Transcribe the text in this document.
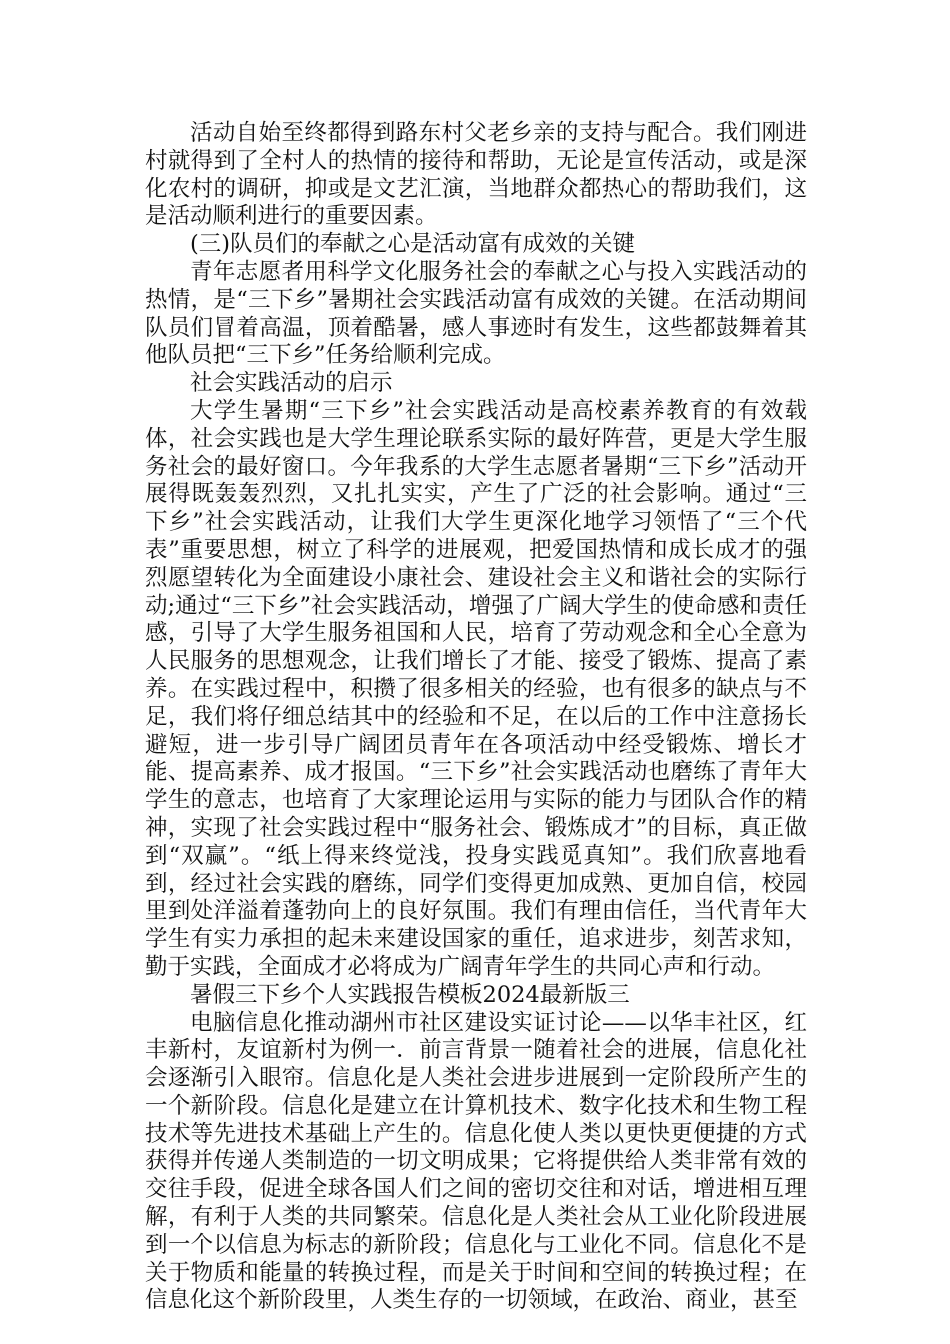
活动自始至终都得到路东村父老乡亲的支持与配合。我们刚进村就得到了全村人的热情的接待和帮助，无论是宣传活动，或是深化农村的调研，抑或是文艺汇演，当地群众都热心的帮助我们，这是活动顺利进行的重要因素。

(三)队员们的奉献之心是活动富有成效的关键

青年志愿者用科学文化服务社会的奉献之心与投入实践活动的热情，是“三下乡”暑期社会实践活动富有成效的关键。在活动期间队员们冒着高温，顶着酷暑，感人事迹时有发生，这些都鼓舞着其他队员把“三下乡”任务给顺利完成。

社会实践活动的启示

大学生暑期“三下乡”社会实践活动是高校素养教育的有效载体，社会实践也是大学生理论联系实际的最好阵营，更是大学生服务社会的最好窗口。今年我系的大学生志愿者暑期“三下乡”活动开展得既轰轰烈烈，又扎扎实实，产生了广泛的社会影响。通过“三下乡”社会实践活动，让我们大学生更深化地学习领悟了“三个代表”重要思想，树立了科学的进展观，把爱国热情和成长成才的强烈愿望转化为全面建设小康社会、建设社会主义和谐社会的实际行动;通过“三下乡”社会实践活动，增强了广阔大学生的使命感和责任感，引导了大学生服务祖国和人民，培育了劳动观念和全心全意为人民服务的思想观念，让我们增长了才能、接受了锻炼、提高了素养。在实践过程中，积攒了很多相关的经验，也有很多的缺点与不足，我们将仔细总结其中的经验和不足，在以后的工作中注意扬长避短，进一步引导广阔团员青年在各项活动中经受锻炼、增长才能、提高素养、成才报国。“三下乡”社会实践活动也磨练了青年大学生的意志，也培育了大家理论运用与实际的能力与团队合作的精神，实现了社会实践过程中“服务社会、锻炼成才”的目标，真正做到“双赢”。“纸上得来终觉浅，投身实践觅真知”。我们欣喜地看到，经过社会实践的磨练，同学们变得更加成熟、更加自信，校园里到处洋溢着蓬勃向上的良好氛围。我们有理由信任，当代青年大学生有实力承担的起未来建设国家的重任，追求进步，刻苦求知，勤于实践，全面成才必将成为广阔青年学生的共同心声和行动。

暑假三下乡个人实践报告模板2024最新版三

电脑信息化推动湖州市社区建设实证讨论——以华丰社区，红丰新村，友谊新村为例一．前言背景一随着社会的进展，信息化社会逐渐引入眼帘。信息化是人类社会进步进展到一定阶段所产生的一个新阶段。信息化是建立在计算机技术、数字化技术和生物工程技术等先进技术基础上产生的。信息化使人类以更快更便捷的方式获得并传递人类制造的一切文明成果；它将提供给人类非常有效的交往手段，促进全球各国人们之间的密切交往和对话，增进相互理解，有利于人类的共同繁荣。信息化是人类社会从工业化阶段进展到一个以信息为标志的新阶段；信息化与工业化不同。信息化不是关于物质和能量的转换过程，而是关于时间和空间的转换过程；在信息化这个新阶段里，人类生存的一切领域，在政治、商业，甚至
